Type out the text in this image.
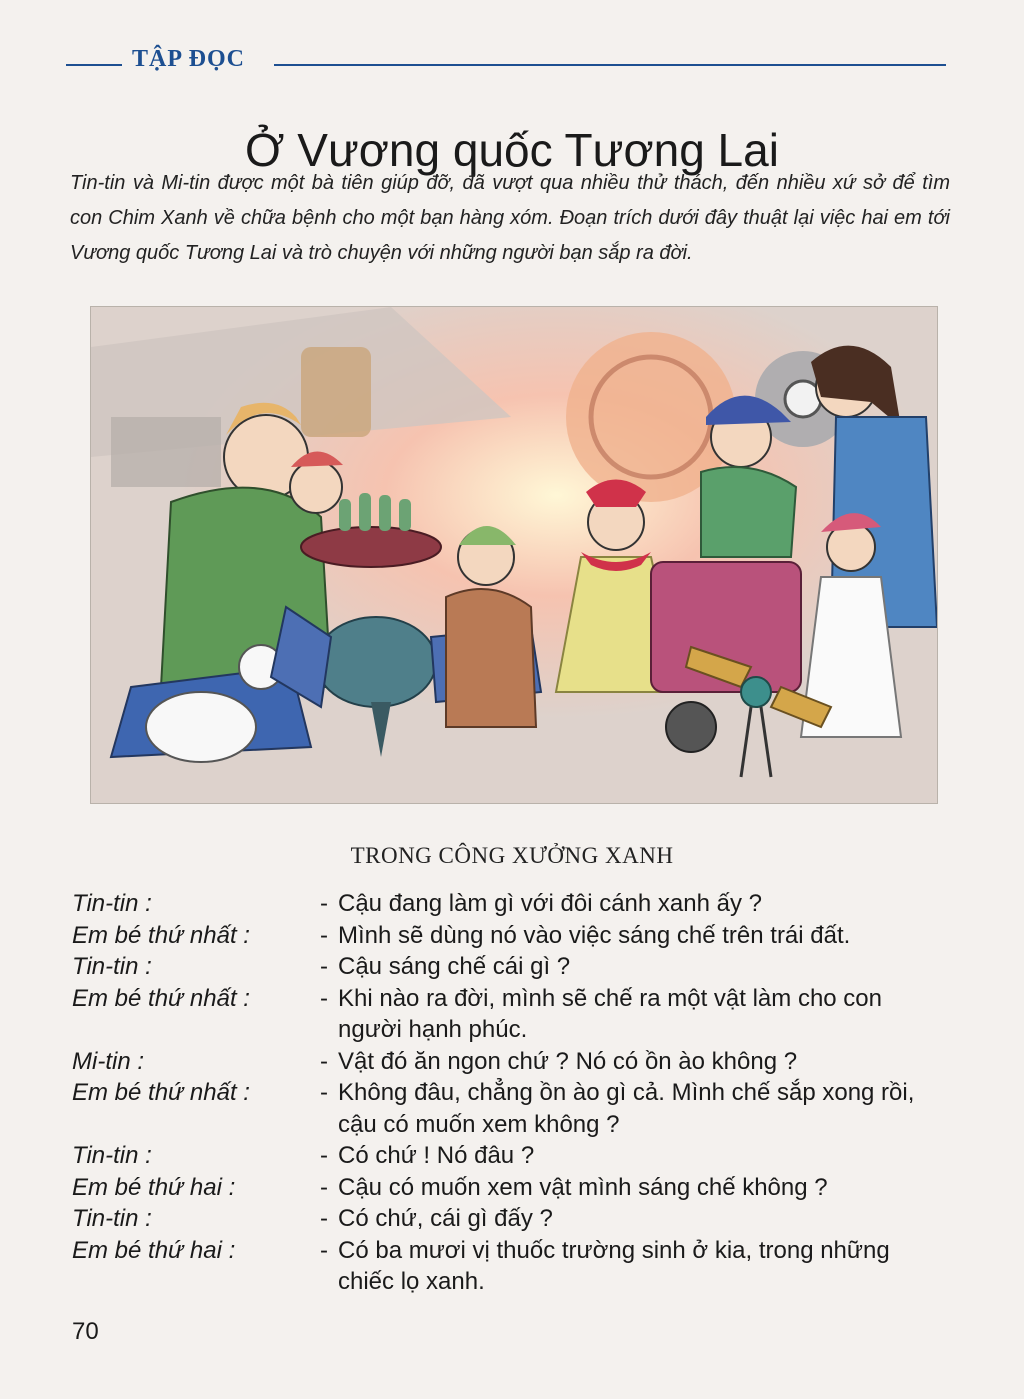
TẬP ĐỌC
Ở Vương quốc Tương Lai

Tin-tin và Mi-tin được một bà tiên giúp đỡ, đã vượt qua nhiều thử thách, đến nhiều xứ sở để tìm con Chim Xanh về chữa bệnh cho một bạn hàng xóm. Đoạn trích dưới đây thuật lại việc hai em tới Vương quốc Tương Lai và trò chuyện với những người bạn sắp ra đời.

TRONG CÔNG XƯỞNG XANH
Tin-tin :	- Cậu đang làm gì với đôi cánh xanh ấy ?
Em bé thứ nhất :	- Mình sẽ dùng nó vào việc sáng chế trên trái đất.
Tin-tin :	- Cậu sáng chế cái gì ?
Em bé thứ nhất :	- Khi nào ra đời, mình sẽ chế ra một vật làm cho con người hạnh phúc.
Mi-tin :	- Vật đó ăn ngon chứ ? Nó có ồn ào không ?
Em bé thứ nhất :	- Không đâu, chẳng ồn ào gì cả. Mình chế sắp xong rồi, cậu có muốn xem không ?
Tin-tin :	- Có chứ ! Nó đâu ?
Em bé thứ hai :	- Cậu có muốn xem vật mình sáng chế không ?
Tin-tin :	- Có chứ, cái gì đấy ?
Em bé thứ hai :	- Có ba mươi vị thuốc trường sinh ở kia, trong những chiếc lọ xanh.
70
